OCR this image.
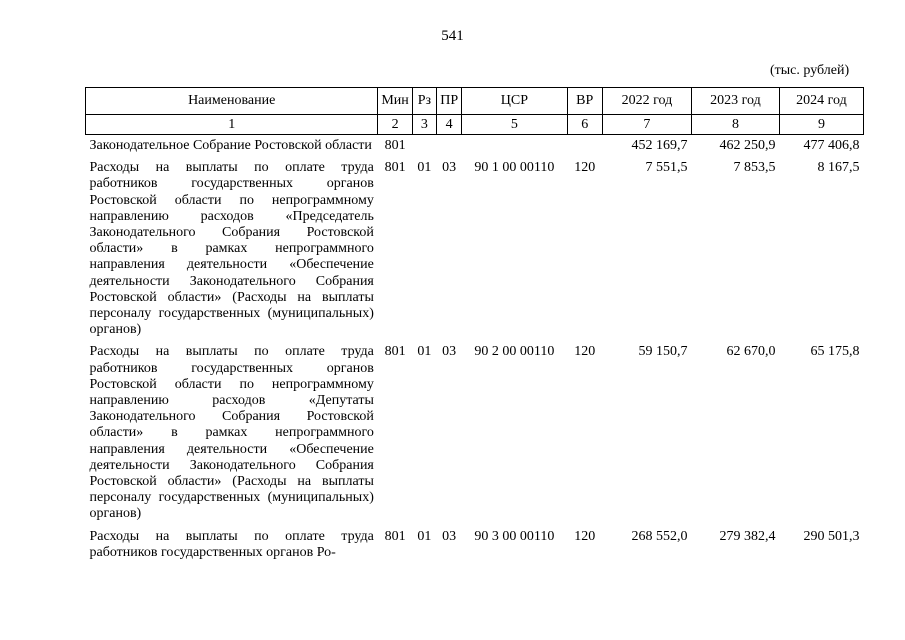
541
(тыс. рублей)
Наименование	Мин	Рз	ПР	ЦСР	ВР	2022 год	2023 год	2024 год
1	2	3	4	5	6	7	8	9
Законодательное Собрание Ростовской области	801					452 169,7	462 250,9	477 406,8
Расходы на выплаты по оплате труда работников государственных органов Ростовской области по непрограммному направлению расходов «Председатель Законодательного Собрания Ростовской области» в рамках непрограммного направления деятельности «Обеспечение деятельности Законодательного Собрания Ростовской области» (Расходы на выплаты персоналу государственных (муниципальных) органов)	801	01	03	90 1 00 00110	120	7 551,5	7 853,5	8 167,5
Расходы на выплаты по оплате труда работников государственных органов Ростовской области по непрограммному направлению расходов «Депутаты Законодательного Собрания Ростовской области» в рамках непрограммного направления деятельности «Обеспечение деятельности Законодательного Собрания Ростовской области» (Расходы на выплаты персоналу государственных (муниципальных) органов)	801	01	03	90 2 00 00110	120	59 150,7	62 670,0	65 175,8
Расходы на выплаты по оплате труда работников государственных органов Ро-	801	01	03	90 3 00 00110	120	268 552,0	279 382,4	290 501,3
